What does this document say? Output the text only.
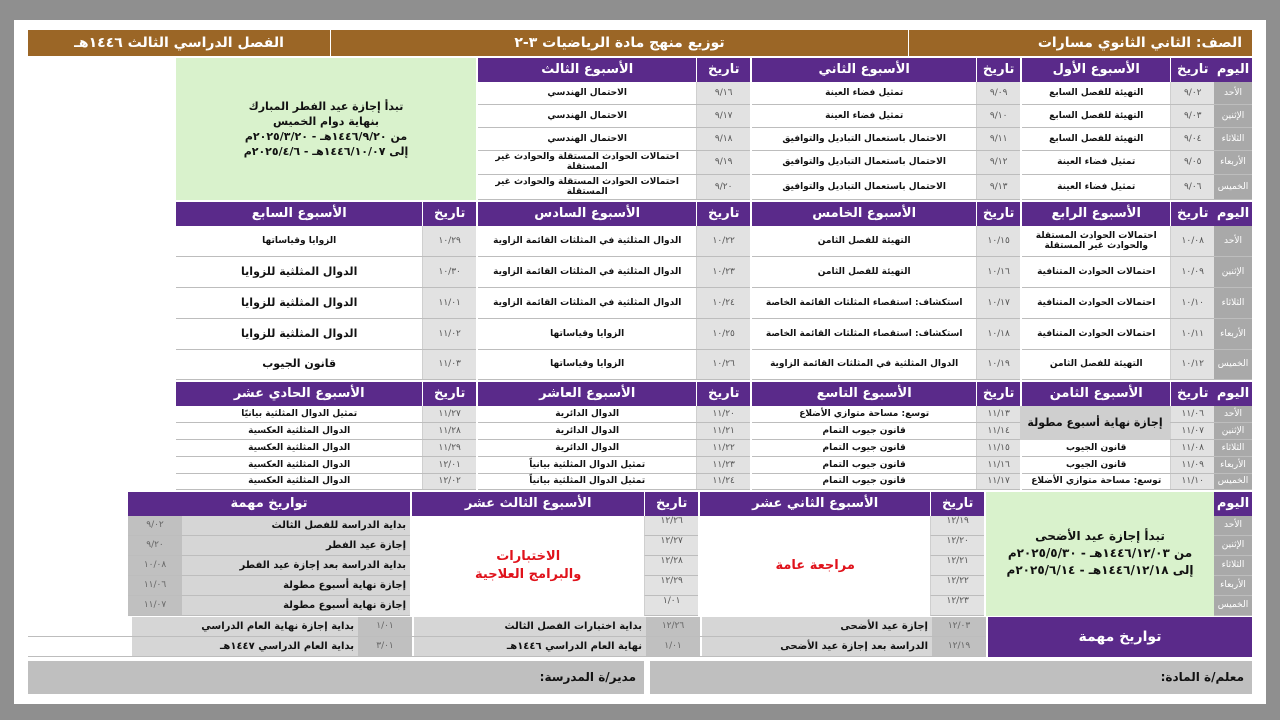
الصف: الثاني الثانوي مسارات
توزيع منهج مادة الرياضيات ٣-٢
الفصل الدراسي الثالث ١٤٤٦هـ
اليوم
الأحد
الإثنين
الثلاثاء
الأربعاء
الخميس
تاريخ
الأسبوع الأول
٩/٠٢
التهيئة للفصل السابع
٩/٠٣
التهيئة للفصل السابع
٩/٠٤
التهيئة للفصل السابع
٩/٠٥
تمثيل فضاء العينة
٩/٠٦
تمثيل فضاء العينة
تاريخ
الأسبوع الثاني
٩/٠٩
تمثيل فضاء العينة
٩/١٠
تمثيل فضاء العينة
٩/١١
الاحتمال باستعمال التباديل والتوافيق
٩/١٢
الاحتمال باستعمال التباديل والتوافيق
٩/١٣
الاحتمال باستعمال التباديل والتوافيق
تاريخ
الأسبوع الثالث
٩/١٦
الاحتمال الهندسي
٩/١٧
الاحتمال الهندسي
٩/١٨
الاحتمال الهندسي
٩/١٩
احتمالات الحوادث المستقلة والحوادث غير المستقلة
٩/٢٠
احتمالات الحوادث المستقلة والحوادث غير المستقلة
تبدأ إجازة عيد الفطر المبارك
بنهاية دوام الخميس
من ١٤٤٦/٩/٢٠هـ - ٢٠٢٥/٣/٢٠م
إلى ١٤٤٦/١٠/٠٧هـ - ٢٠٢٥/٤/٦م
اليوم
الأحد
الإثنين
الثلاثاء
الأربعاء
الخميس
تاريخ
الأسبوع الرابع
١٠/٠٨
احتمالات الحوادث المستقلة والحوادث غير المستقلة
١٠/٠٩
احتمالات الحوادث المتنافية
١٠/١٠
احتمالات الحوادث المتنافية
١٠/١١
احتمالات الحوادث المتنافية
١٠/١٢
التهيئة للفصل الثامن
تاريخ
الأسبوع الخامس
١٠/١٥
التهيئة للفصل الثامن
١٠/١٦
التهيئة للفصل الثامن
١٠/١٧
استكشاف: استقصاء المثلثات القائمة الخاصة
١٠/١٨
استكشاف: استقصاء المثلثات القائمة الخاصة
١٠/١٩
الدوال المثلثية في المثلثات القائمة الزاوية
تاريخ
الأسبوع السادس
١٠/٢٢
الدوال المثلثية في المثلثات القائمة الزاوية
١٠/٢٣
الدوال المثلثية في المثلثات القائمة الزاوية
١٠/٢٤
الدوال المثلثية في المثلثات القائمة الزاوية
١٠/٢٥
الزوايا وقياساتها
١٠/٢٦
الزوايا وقياساتها
تاريخ
الأسبوع السابع
١٠/٢٩
الزوايا وقياساتها
١٠/٣٠
الدوال المثلثية للزوايا
١١/٠١
الدوال المثلثية للزوايا
١١/٠٢
الدوال المثلثية للزوايا
١١/٠٣
قانون الجيوب
اليوم
الأحد
الإثنين
الثلاثاء
الأربعاء
الخميس
تاريخ
الأسبوع الثامن
١١/٠٦
١١/٠٧
١١/٠٨
قانون الجيوب
١١/٠٩
قانون الجيوب
١١/١٠
توسع: مساحة متوازي الأضلاع
إجازة نهاية أسبوع مطولة
تاريخ
الأسبوع التاسع
١١/١٣
توسع: مساحة متوازي الأضلاع
١١/١٤
قانون جيوب التمام
١١/١٥
قانون جيوب التمام
١١/١٦
قانون جيوب التمام
١١/١٧
قانون جيوب التمام
تاريخ
الأسبوع العاشر
١١/٢٠
الدوال الدائرية
١١/٢١
الدوال الدائرية
١١/٢٢
الدوال الدائرية
١١/٢٣
تمثيل الدوال المثلثية بيانياً
١١/٢٤
تمثيل الدوال المثلثية بيانياً
تاريخ
الأسبوع الحادي عشر
١١/٢٧
تمثيل الدوال المثلثية بيانيًا
١١/٢٨
الدوال المثلثية العكسية
١١/٢٩
الدوال المثلثية العكسية
١٢/٠١
الدوال المثلثية العكسية
١٢/٠٢
الدوال المثلثية العكسية
اليوم
الأحد
الإثنين
الثلاثاء
الأربعاء
الخميس
تبدأ إجازة عيد الأضحى
من ١٤٤٦/١٢/٠٣هـ - ٢٠٢٥/٥/٣٠م
إلى ١٤٤٦/١٢/١٨هـ - ٢٠٢٥/٦/١٤م
تاريخ
الأسبوع الثاني عشر
١٢/١٩
١٢/٢٠
١٢/٢١
١٢/٢٢
١٢/٢٣
مراجعة عامة
تاريخ
الأسبوع الثالث عشر
١٢/٢٦
١٢/٢٧
١٢/٢٨
١٢/٢٩
١/٠١
الاختبارات
والبرامج العلاجية
تواريخ مهمة
بداية الدراسة للفصل الثالث
٩/٠٢
إجازة عيد الفطر
٩/٢٠
بداية الدراسة بعد إجازة عيد الفطر
١٠/٠٨
إجازة نهاية أسبوع مطولة
١١/٠٦
إجازة نهاية أسبوع مطولة
١١/٠٧
تواريخ مهمة
١٢/٠٣
إجازة عيد الأضحى
١٢/٢٦
بداية اختبارات الفصل الثالث
١/٠١
بداية إجازة نهاية العام الدراسي
١٢/١٩
الدراسة بعد إجازة عيد الأضحى
١/٠١
نهاية العام الدراسي ١٤٤٦هـ
٣/٠١
بداية العام الدراسي ١٤٤٧هـ
معلم/ة المادة:
مدير/ة المدرسة:
